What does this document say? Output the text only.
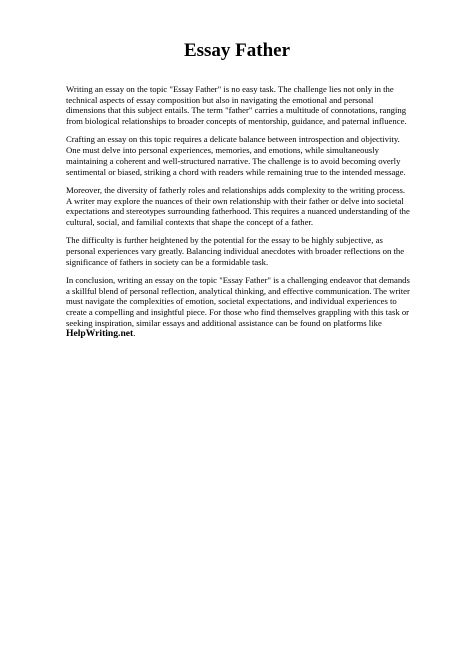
Essay Father

Writing an essay on the topic "Essay Father" is no easy task. The challenge lies not only in the technical aspects of essay composition but also in navigating the emotional and personal dimensions that this subject entails. The term "father" carries a multitude of connotations, ranging from biological relationships to broader concepts of mentorship, guidance, and paternal influence.

Crafting an essay on this topic requires a delicate balance between introspection and objectivity. One must delve into personal experiences, memories, and emotions, while simultaneously maintaining a coherent and well-structured narrative. The challenge is to avoid becoming overly sentimental or biased, striking a chord with readers while remaining true to the intended message.

Moreover, the diversity of fatherly roles and relationships adds complexity to the writing process. A writer may explore the nuances of their own relationship with their father or delve into societal expectations and stereotypes surrounding fatherhood. This requires a nuanced understanding of the cultural, social, and familial contexts that shape the concept of a father.

The difficulty is further heightened by the potential for the essay to be highly subjective, as personal experiences vary greatly. Balancing individual anecdotes with broader reflections on the significance of fathers in society can be a formidable task.

In conclusion, writing an essay on the topic "Essay Father" is a challenging endeavor that demands a skillful blend of personal reflection, analytical thinking, and effective communication. The writer must navigate the complexities of emotion, societal expectations, and individual experiences to create a compelling and insightful piece. For those who find themselves grappling with this task or seeking inspiration, similar essays and additional assistance can be found on platforms like  HelpWriting.net.
